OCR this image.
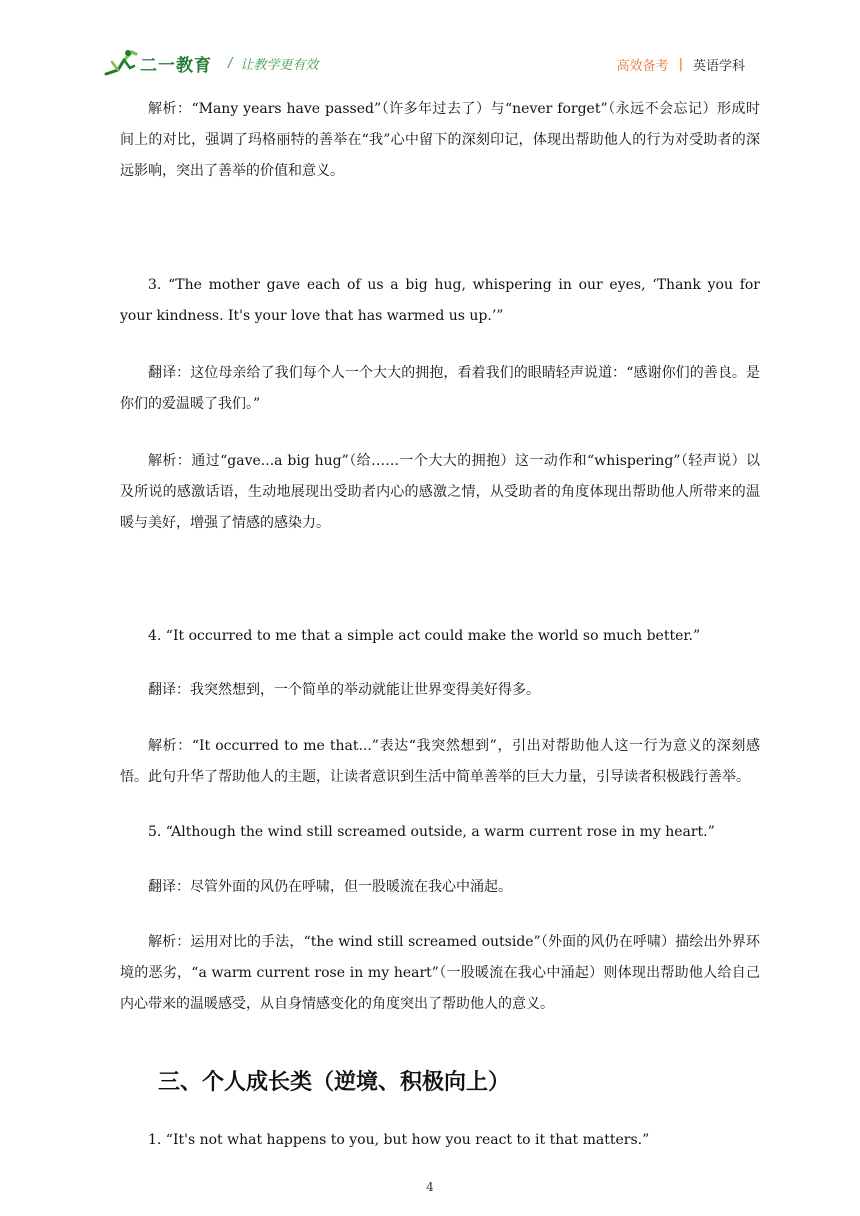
二一教育 / 让教学更有效	高效备考 | 英语学科

解析：“Many years have passed”（许多年过去了）与“never forget”（永远不会忘记）形成时间上的对比，强调了玛格丽特的善举在“我”心中留下的深刻印记，体现出帮助他人的行为对受助者的深远影响，突出了善举的价值和意义。

3. “The mother gave each of us a big hug, whispering in our eyes, ‘Thank you for your kindness. It's your love that has warmed us up.’”

翻译：这位母亲给了我们每个人一个大大的拥抱，看着我们的眼睛轻声说道：“感谢你们的善良。是你们的爱温暖了我们。”

解析：通过“gave...a big hug”（给……一个大大的拥抱）这一动作和“whispering”（轻声说）以及所说的感激话语，生动地展现出受助者内心的感激之情，从受助者的角度体现出帮助他人所带来的温暖与美好，增强了情感的感染力。

4. “It occurred to me that a simple act could make the world so much better.”

翻译：我突然想到，一个简单的举动就能让世界变得美好得多。

解析：“It occurred to me that...”表达“我突然想到”，引出对帮助他人这一行为意义的深刻感悟。此句升华了帮助他人的主题，让读者意识到生活中简单善举的巨大力量，引导读者积极践行善举。

5. “Although the wind still screamed outside, a warm current rose in my heart.”

翻译：尽管外面的风仍在呼啸，但一股暖流在我心中涌起。

解析：运用对比的手法，“the wind still screamed outside”（外面的风仍在呼啸）描绘出外界环境的恶劣，“a warm current rose in my heart”（一股暖流在我心中涌起）则体现出帮助他人给自己内心带来的温暖感受，从自身情感变化的角度突出了帮助他人的意义。

三、个人成长类（逆境、积极向上）

1. “It's not what happens to you, but how you react to it that matters.”

4
